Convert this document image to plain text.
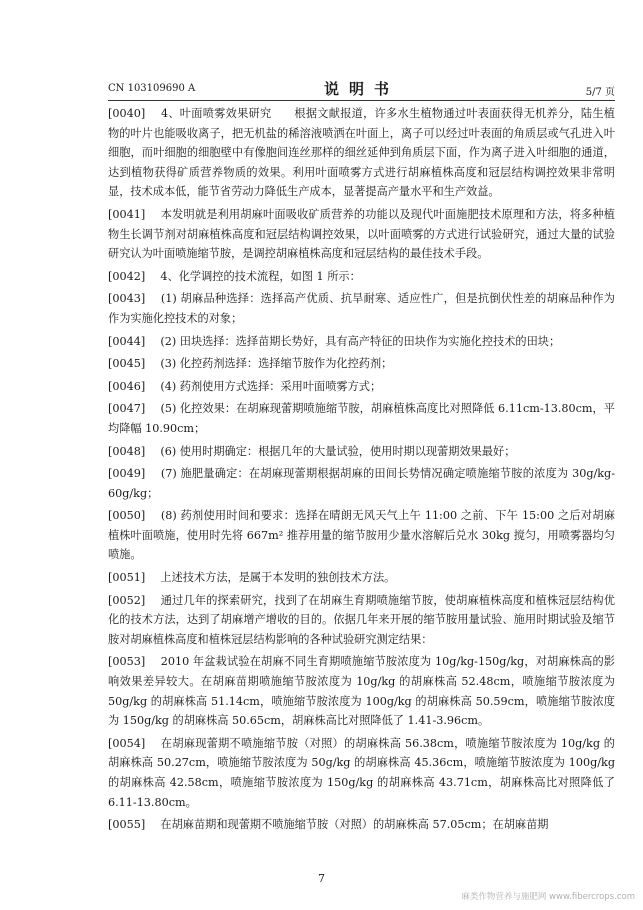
CN 103109690 A	说明书	5/7 页
[0040]　 4、叶面喷雾效果研究　　根据文献报道，许多水生植物通过叶表面获得无机养分，陆生植物的叶片也能吸收离子，把无机盐的稀溶液喷洒在叶面上，离子可以经过叶表面的角质层或气孔进入叶细胞，而叶细胞的细胞壁中有像胞间连丝那样的细丝延伸到角质层下面，作为离子进入叶细胞的通道，达到植物获得矿质营养物质的效果。利用叶面喷雾方式进行胡麻植株高度和冠层结构调控效果非常明显，技术成本低，能节省劳动力降低生产成本，显著提高产量水平和生产效益。
[0041]　 本发明就是利用胡麻叶面吸收矿质营养的功能以及现代叶面施肥技术原理和方法，将多种植物生长调节剂对胡麻植株高度和冠层结构调控效果，以叶面喷雾的方式进行试验研究，通过大量的试验研究认为叶面喷施缩节胺，是调控胡麻植株高度和冠层结构的最佳技术手段。
[0042]　 4、化学调控的技术流程，如图 1 所示：
[0043]　 (1) 胡麻品种选择：选择高产优质、抗旱耐寒、适应性广，但是抗倒伏性差的胡麻品种作为作为实施化控技术的对象；
[0044]　 (2) 田块选择：选择苗期长势好，具有高产特征的田块作为实施化控技术的田块；
[0045]　 (3) 化控药剂选择：选择缩节胺作为化控药剂；
[0046]　 (4) 药剂使用方式选择：采用叶面喷雾方式；
[0047]　 (5) 化控效果：在胡麻现蕾期喷施缩节胺，胡麻植株高度比对照降低 6.11cm-13.80cm，平均降幅 10.90cm；
[0048]　 (6) 使用时期确定：根据几年的大量试验，使用时期以现蕾期效果最好；
[0049]　 (7) 施肥量确定：在胡麻现蕾期根据胡麻的田间长势情况确定喷施缩节胺的浓度为 30g/kg-60g/kg；
[0050]　 (8) 药剂使用时间和要求：选择在晴朗无风天气上午 11:00 之前、下午 15:00 之后对胡麻植株叶面喷施，使用时先将 667m² 推荐用量的缩节胺用少量水溶解后兑水 30kg 搅匀，用喷雾器均匀喷施。
[0051]　 上述技术方法，是属于本发明的独创技术方法。
[0052]　 通过几年的探索研究，找到了在胡麻生育期喷施缩节胺，使胡麻植株高度和植株冠层结构优化的技术方法，达到了胡麻增产增收的目的。依据几年来开展的缩节胺用量试验、施用时期试验及缩节胺对胡麻植株高度和植株冠层结构影响的各种试验研究测定结果：
[0053]　 2010 年盆栽试验在胡麻不同生育期喷施缩节胺浓度为 10g/kg-150g/kg，对胡麻株高的影响效果差异较大。在胡麻苗期喷施缩节胺浓度为 10g/kg 的胡麻株高 52.48cm，喷施缩节胺浓度为 50g/kg 的胡麻株高 51.14cm，喷施缩节胺浓度为 100g/kg 的胡麻株高 50.59cm，喷施缩节胺浓度为 150g/kg 的胡麻株高 50.65cm，胡麻株高比对照降低了 1.41-3.96cm。
[0054]　 在胡麻现蕾期不喷施缩节胺（对照）的胡麻株高 56.38cm，喷施缩节胺浓度为 10g/kg 的胡麻株高 50.27cm，喷施缩节胺浓度为 50g/kg 的胡麻株高 45.36cm，喷施缩节胺浓度为 100g/kg 的胡麻株高 42.58cm，喷施缩节胺浓度为 150g/kg 的胡麻株高 43.71cm，胡麻株高比对照降低了 6.11-13.80cm。
[0055]　 在胡麻苗期和现蕾期不喷施缩节胺（对照）的胡麻株高 57.05cm；在胡麻苗期
7
麻类作物营养与施肥网 www.fibercrops.com
